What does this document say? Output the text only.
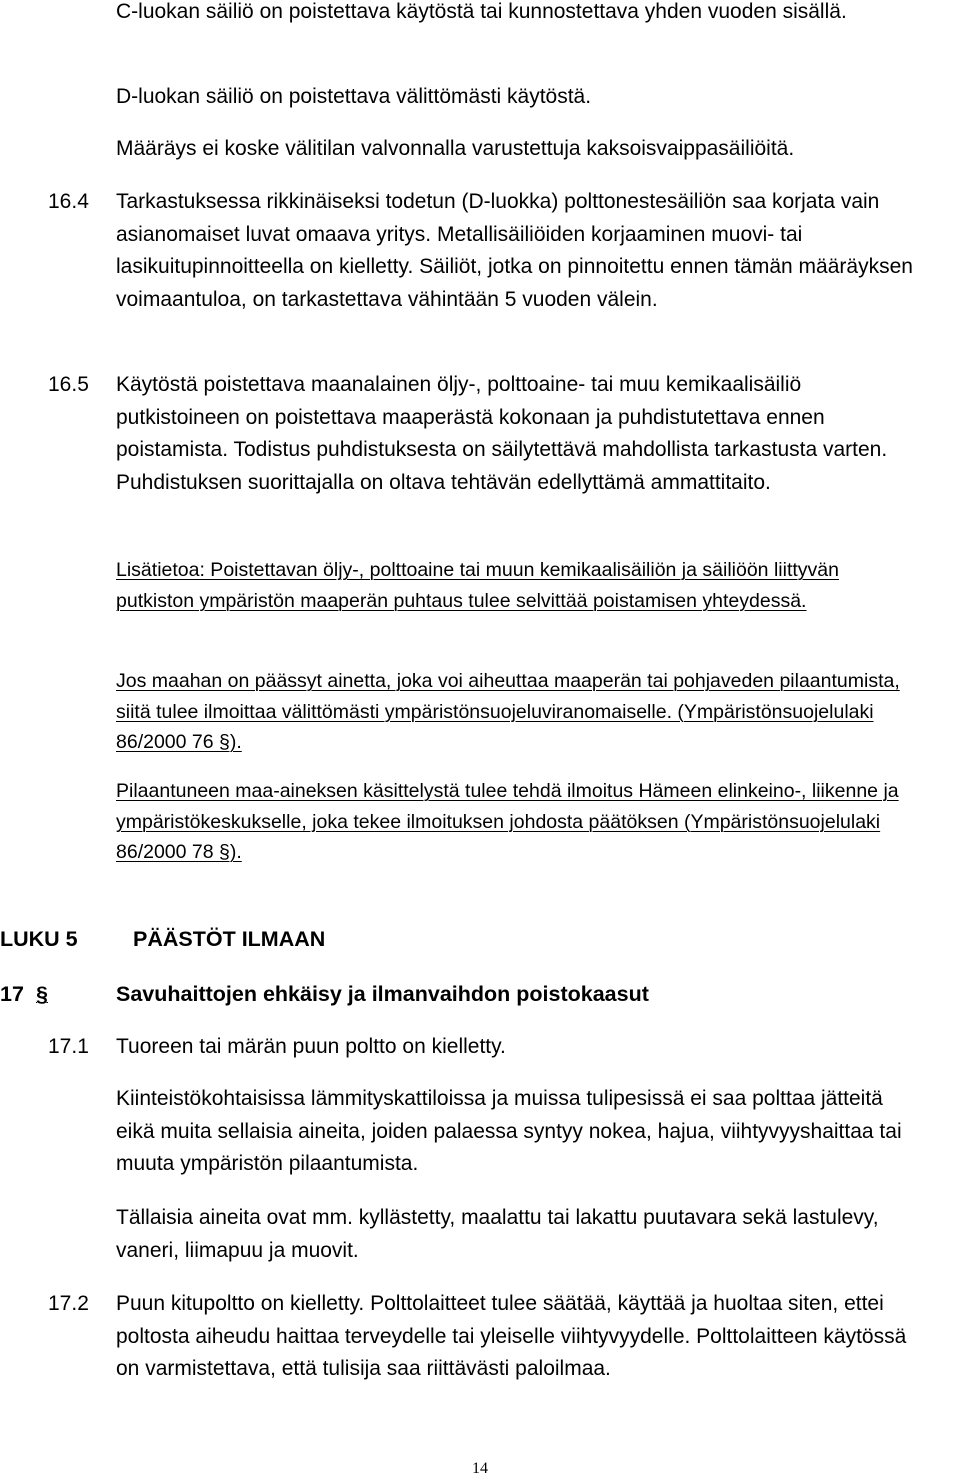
C-luokan säiliö on poistettava käytöstä tai kunnostettava yhden vuoden sisällä.

D-luokan säiliö on poistettava välittömästi käytöstä.

Määräys ei koske välitilan valvonnalla varustettuja kaksoisvaippasäiliöitä.

16.4	Tarkastuksessa rikkinäiseksi todetun (D-luokka) polttonestesäiliön saa korjata vain asianomaiset luvat omaava yritys. Metallisäiliöiden korjaaminen muovi- tai lasikuitupinnoitteella on kielletty. Säiliöt, jotka on pinnoitettu ennen tämän määräyksen voimaantuloa, on tarkastettava vähintään 5 vuoden välein.

16.5	Käytöstä poistettava maanalainen öljy-, polttoaine- tai muu kemikaalisäiliö putkistoineen on poistettava maaperästä kokonaan ja puhdistutettava ennen poistamista. Todistus puhdistuksesta on säilytettävä mahdollista tarkastusta varten. Puhdistuksen suorittajalla on oltava tehtävän edellyttämä ammattitaito.

Lisätietoa: Poistettavan öljy-, polttoaine tai muun kemikaalisäiliön ja säiliöön liittyvän putkiston ympäristön maaperän puhtaus tulee selvittää poistamisen yhteydessä.

Jos maahan on päässyt ainetta, joka voi aiheuttaa maaperän tai pohjaveden pilaantumista, siitä tulee ilmoittaa välittömästi ympäristönsuojeluviranomaiselle. (Ympäristönsuojelulaki 86/2000 76 §).

Pilaantuneen maa-aineksen käsittelystä tulee tehdä ilmoitus Hämeen elinkeino-, liikenne ja ympäristökeskukselle, joka tekee ilmoituksen johdosta päätöksen (Ympäristönsuojelulaki 86/2000 78 §).

LUKU 5	PÄÄSTÖT ILMAAN
17 §	Savuhaittojen ehkäisy ja ilmanvaihdon poistokaasut
17.1	Tuoreen tai märän puun poltto on kielletty.

Kiinteistökohtaisissa lämmityskattiloissa ja muissa tulipesissä ei saa polttaa jätteitä eikä muita sellaisia aineita, joiden palaessa syntyy nokea, hajua, viihtyvyyshaittaa tai muuta ympäristön pilaantumista.

Tällaisia aineita ovat mm. kyllästetty, maalattu tai lakattu puutavara sekä lastulevy, vaneri, liimapuu ja muovit.

17.2	Puun kitupoltto on kielletty. Polttolaitteet tulee säätää, käyttää ja huoltaa siten, ettei poltosta aiheudu haittaa terveydelle tai yleiselle viihtyvyydelle. Polttolaitteen käytössä on varmistettava, että tulisija saa riittävästi paloilmaa.

14
